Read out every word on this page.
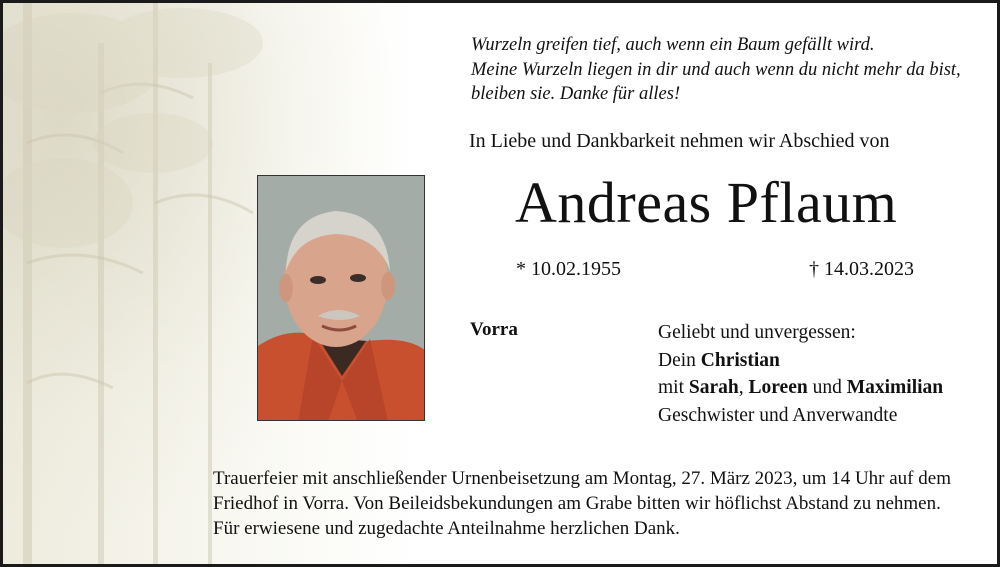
Wurzeln greifen tief, auch wenn ein Baum gefällt wird.
Meine Wurzeln liegen in dir und auch wenn du nicht mehr da bist,
bleiben sie. Danke für alles!
In Liebe und Dankbarkeit nehmen wir Abschied von
Andreas Pflaum
* 10.02.1955	† 14.03.2023
Vorra	Geliebt und unvergessen:
Dein Christian
mit Sarah, Loreen und Maximilian
Geschwister und Anverwandte
Trauerfeier mit anschließender Urnenbeisetzung am Montag, 27. März 2023, um 14 Uhr auf dem
Friedhof in Vorra. Von Beileidsbekundungen am Grabe bitten wir höflichst Abstand zu nehmen.
Für erwiesene und zugedachte Anteilnahme herzlichen Dank.
